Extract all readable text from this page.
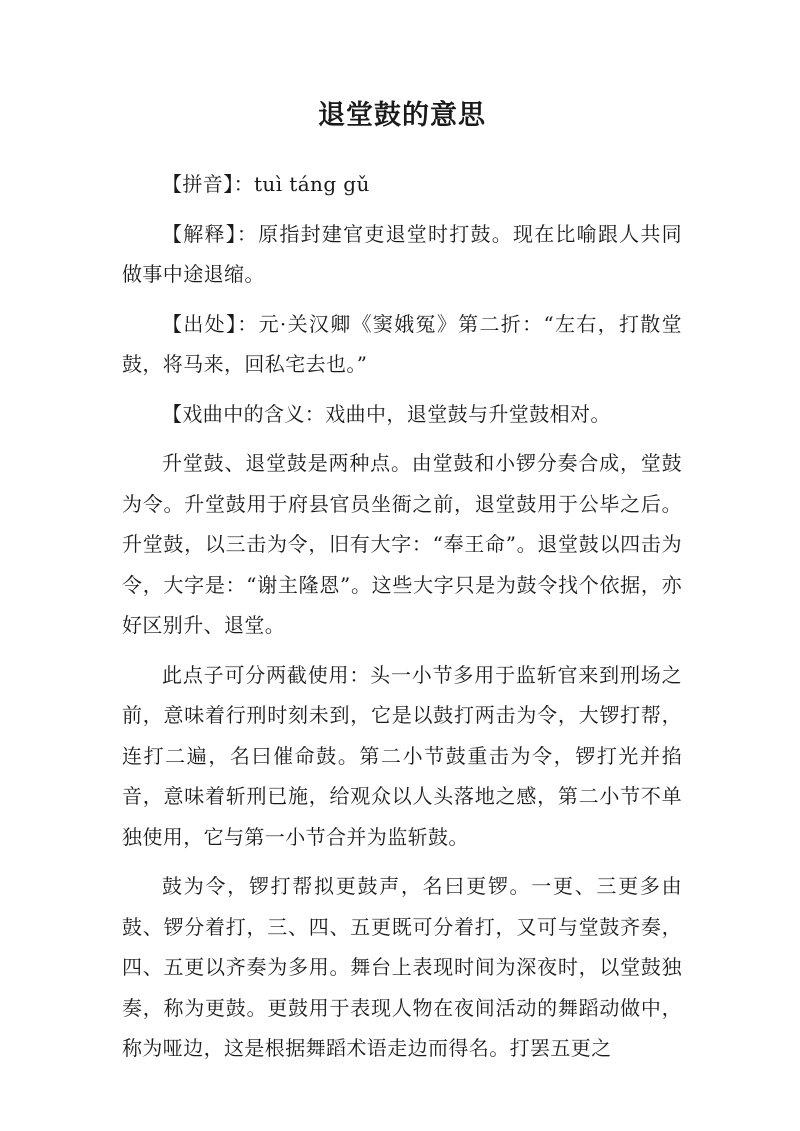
退堂鼓的意思

【拼音】：tuì táng gǔ

【解释】：原指封建官吏退堂时打鼓。现在比喻跟人共同做事中途退缩。

【出处】：元·关汉卿《窦娥冤》第二折：“左右，打散堂鼓，将马来，回私宅去也。”

【戏曲中的含义：戏曲中，退堂鼓与升堂鼓相对。

升堂鼓、退堂鼓是两种点。由堂鼓和小锣分奏合成，堂鼓为令。升堂鼓用于府县官员坐衙之前，退堂鼓用于公毕之后。升堂鼓，以三击为令，旧有大字：“奉王命”。退堂鼓以四击为令，大字是：“谢主隆恩”。这些大字只是为鼓令找个依据，亦好区别升、退堂。

此点子可分两截使用：头一小节多用于监斩官来到刑场之前，意味着行刑时刻未到，它是以鼓打两击为令，大锣打帮，连打二遍，名曰催命鼓。第二小节鼓重击为令，锣打光并掐音，意味着斩刑已施，给观众以人头落地之感，第二小节不单独使用，它与第一小节合并为监斩鼓。

鼓为令，锣打帮拟更鼓声，名曰更锣。一更、三更多由鼓、锣分着打，三、四、五更既可分着打，又可与堂鼓齐奏，四、五更以齐奏为多用。舞台上表现时间为深夜时，以堂鼓独奏，称为更鼓。更鼓用于表现人物在夜间活动的舞蹈动做中，称为哑边，这是根据舞蹈术语走边而得名。打罢五更之
